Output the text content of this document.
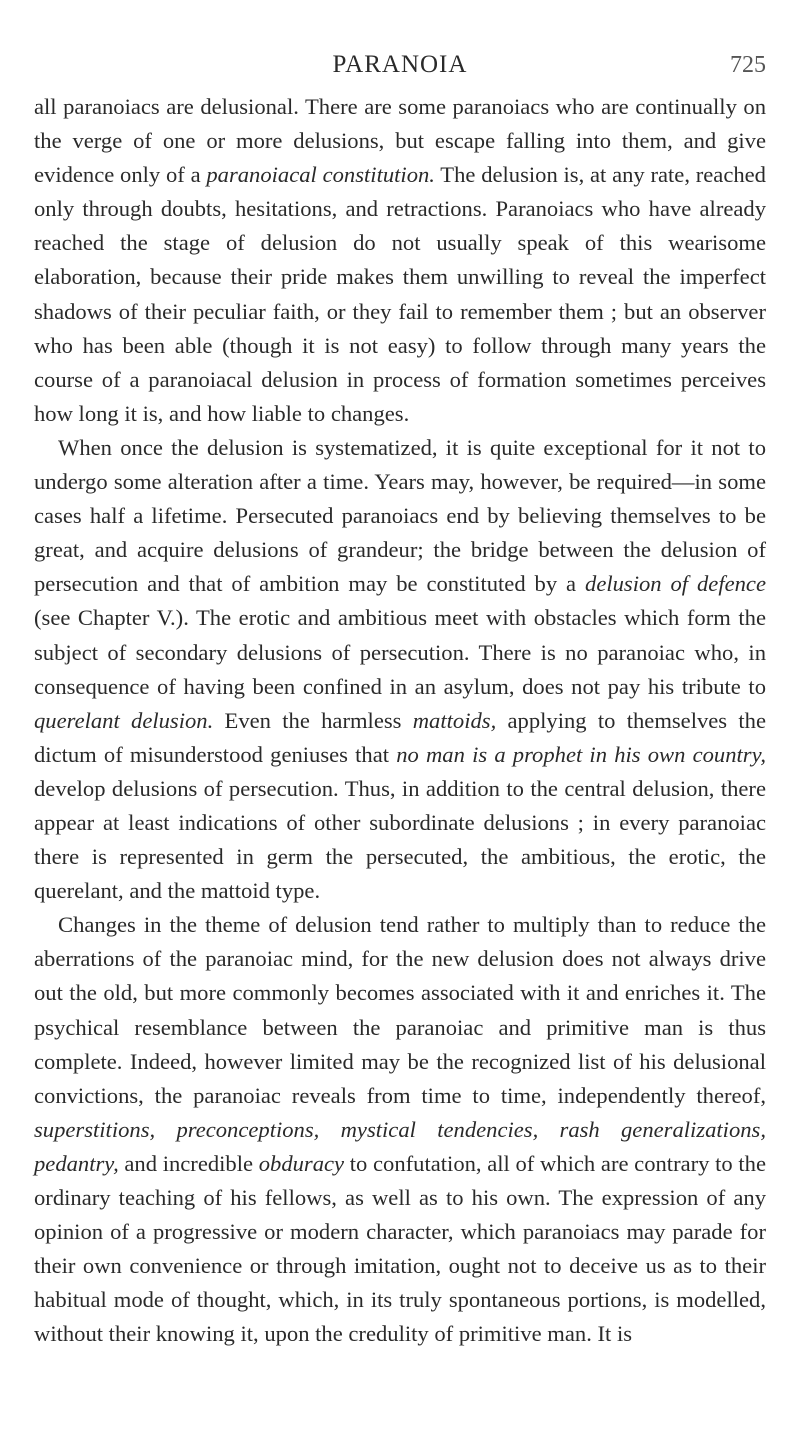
PARANOIA	725

all paranoiacs are delusional. There are some paranoiacs who are continually on the verge of one or more delusions, but escape falling into them, and give evidence only of a paranoiacal constitution. The delusion is, at any rate, reached only through doubts, hesitations, and retractions. Paranoiacs who have already reached the stage of delusion do not usually speak of this wearisome elaboration, because their pride makes them unwilling to reveal the imperfect shadows of their peculiar faith, or they fail to remember them ; but an observer who has been able (though it is not easy) to follow through many years the course of a paranoiacal delusion in process of formation sometimes perceives how long it is, and how liable to changes.

When once the delusion is systematized, it is quite exceptional for it not to undergo some alteration after a time. Years may, however, be required—in some cases half a lifetime. Persecuted paranoiacs end by believing themselves to be great, and acquire delusions of grandeur; the bridge between the delusion of persecution and that of ambition may be constituted by a delusion of defence (see Chapter V.). The erotic and ambitious meet with obstacles which form the subject of secondary delusions of persecution. There is no paranoiac who, in consequence of having been confined in an asylum, does not pay his tribute to querelant delusion. Even the harmless mattoids, applying to themselves the dictum of misunderstood geniuses that no man is a prophet in his own country, develop delusions of persecution. Thus, in addition to the central delusion, there appear at least indications of other subordinate delusions ; in every paranoiac there is represented in germ the persecuted, the ambitious, the erotic, the querelant, and the mattoid type.

Changes in the theme of delusion tend rather to multiply than to reduce the aberrations of the paranoiac mind, for the new delusion does not always drive out the old, but more commonly becomes associated with it and enriches it. The psychical resemblance between the paranoiac and primitive man is thus complete. Indeed, however limited may be the recognized list of his delusional convictions, the paranoiac reveals from time to time, independently thereof, superstitions, preconceptions, mystical tendencies, rash generalizations, pedantry, and incredible obduracy to confutation, all of which are contrary to the ordinary teaching of his fellows, as well as to his own. The expression of any opinion of a progressive or modern character, which paranoiacs may parade for their own convenience or through imitation, ought not to deceive us as to their habitual mode of thought, which, in its truly spontaneous portions, is modelled, without their knowing it, upon the credulity of primitive man. It is
